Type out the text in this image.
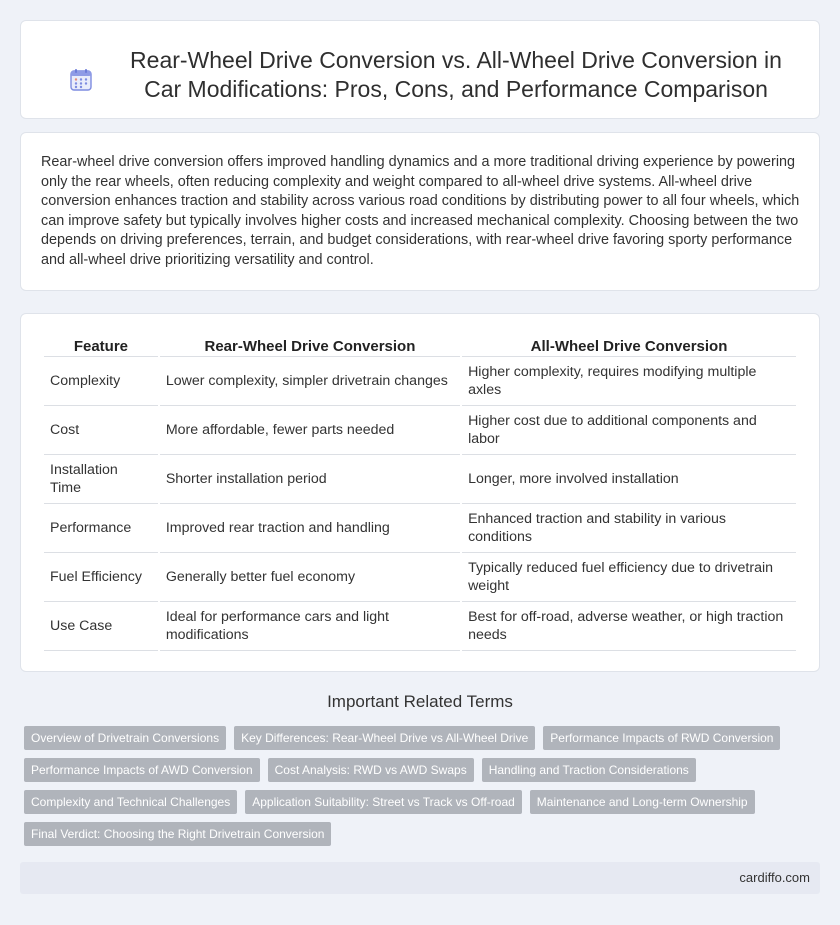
Rear-Wheel Drive Conversion vs. All-Wheel Drive Conversion in Car Modifications: Pros, Cons, and Performance Comparison

Rear-wheel drive conversion offers improved handling dynamics and a more traditional driving experience by powering only the rear wheels, often reducing complexity and weight compared to all-wheel drive systems. All-wheel drive conversion enhances traction and stability across various road conditions by distributing power to all four wheels, which can improve safety but typically involves higher costs and increased mechanical complexity. Choosing between the two depends on driving preferences, terrain, and budget considerations, with rear-wheel drive favoring sporty performance and all-wheel drive prioritizing versatility and control.

Feature	Rear-Wheel Drive Conversion	All-Wheel Drive Conversion
Complexity	Lower complexity, simpler drivetrain changes	Higher complexity, requires modifying multiple axles
Cost	More affordable, fewer parts needed	Higher cost due to additional components and labor
Installation Time	Shorter installation period	Longer, more involved installation
Performance	Improved rear traction and handling	Enhanced traction and stability in various conditions
Fuel Efficiency	Generally better fuel economy	Typically reduced fuel efficiency due to drivetrain weight
Use Case	Ideal for performance cars and light modifications	Best for off-road, adverse weather, or high traction needs
Important Related Terms
Overview of Drivetrain Conversions	Key Differences: Rear-Wheel Drive vs All-Wheel Drive	Performance Impacts of RWD Conversion
Performance Impacts of AWD Conversion	Cost Analysis: RWD vs AWD Swaps	Handling and Traction Considerations
Complexity and Technical Challenges	Application Suitability: Street vs Track vs Off-road	Maintenance and Long-term Ownership
Final Verdict: Choosing the Right Drivetrain Conversion
cardiffo.com
